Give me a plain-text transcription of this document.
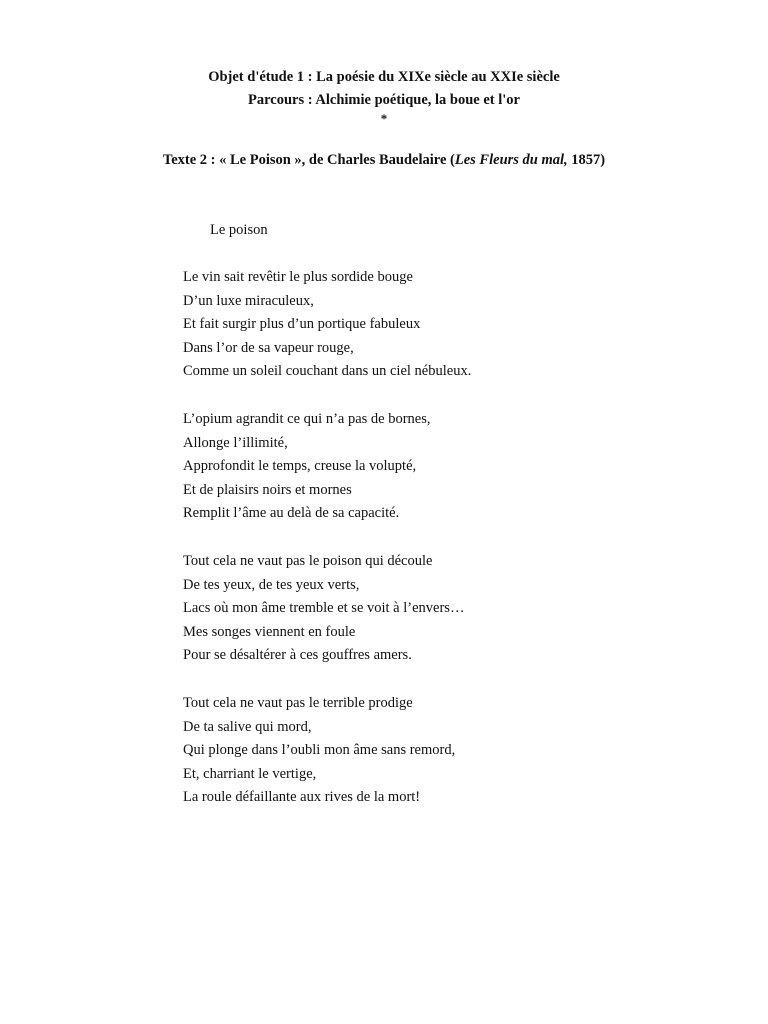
Objet d'étude 1 : La poésie du XIXe siècle au XXIe siècle
Parcours : Alchimie poétique, la boue et l'or
*
Texte 2 : « Le Poison », de Charles Baudelaire (Les Fleurs du mal, 1857)
Le poison
Le vin sait revêtir le plus sordide bouge
D’un luxe miraculeux,
Et fait surgir plus d’un portique fabuleux
Dans l’or de sa vapeur rouge,
Comme un soleil couchant dans un ciel nébuleux.
L’opium agrandit ce qui n’a pas de bornes,
Allonge l’illimité,
Approfondit le temps, creuse la volupté,
Et de plaisirs noirs et mornes
Remplit l’âme au delà de sa capacité.
Tout cela ne vaut pas le poison qui découle
De tes yeux, de tes yeux verts,
Lacs où mon âme tremble et se voit à l’envers…
Mes songes viennent en foule
Pour se désaltérer à ces gouffres amers.
Tout cela ne vaut pas le terrible prodige
De ta salive qui mord,
Qui plonge dans l’oubli mon âme sans remord,
Et, charriant le vertige,
La roule défaillante aux rives de la mort!
